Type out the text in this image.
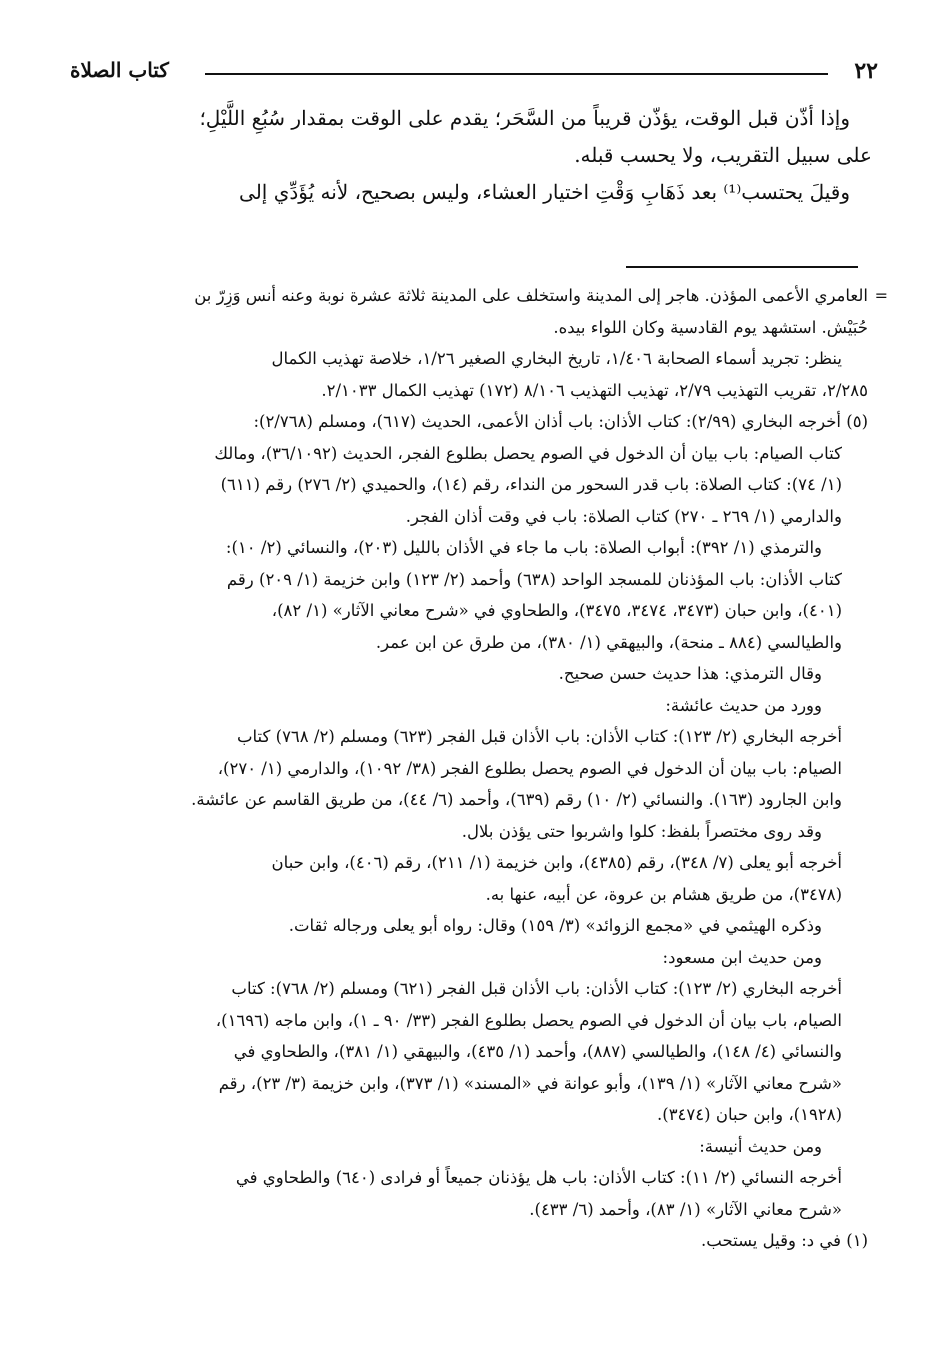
٢٢
كتاب الصلاة

وإذا أذّن قبل الوقت، يؤذّن قريباً من السَّحَر؛ يقدم على الوقت بمقدار سُبُعِ اللَّيْلِ؛

على سبيل التقريب، ولا يحسب قبله.

وقيلَ يحتسب⁽¹⁾ بعد ذَهَابِ وَقْتِ اختيار العشاء، وليس بصحيح، لأنه يُؤَدِّي إلى

=

العامري الأعمى المؤذن. هاجر إلى المدينة واستخلف على المدينة ثلاثة عشرة نوبة وعنه أنس وَزِرّ بن

حُبَيْش. استشهد يوم القادسية وكان اللواء بيده.

ينظر: تجريد أسماء الصحابة ١/٤٠٦، تاريخ البخاري الصغير ١/٢٦، خلاصة تهذيب الكمال

٢/٢٨٥، تقريب التهذيب ٢/٧٩، تهذيب التهذيب ٨/١٠٦ (١٧٢) تهذيب الكمال ٢/١٠٣٣.

(٥) أخرجه البخاري (٢/٩٩): كتاب الأذان: باب أذان الأعمى، الحديث (٦١٧)، ومسلم (٢/٧٦٨):

كتاب الصيام: باب بيان أن الدخول في الصوم يحصل بطلوع الفجر، الحديث (٣٦/١٠٩٢)، ومالك

(١/ ٧٤): كتاب الصلاة: باب قدر السحور من النداء، رقم (١٤)، والحميدي (٢/ ٢٧٦) رقم (٦١١)

والدارمي (١/ ٢٦٩ ـ ٢٧٠) كتاب الصلاة: باب في وقت أذان الفجر.

والترمذي (١/ ٣٩٢): أبواب الصلاة: باب ما جاء في الأذان بالليل (٢٠٣)، والنسائي (٢/ ١٠):

كتاب الأذان: باب المؤذنان للمسجد الواحد (٦٣٨) وأحمد (٢/ ١٢٣) وابن خزيمة (١/ ٢٠٩) رقم

(٤٠١)، وابن حبان (٣٤٧٣، ٣٤٧٤، ٣٤٧٥)، والطحاوي في «شرح معاني الآثار» (١/ ٨٢)،

والطيالسي (٨٨٤ ـ منحة)، والبيهقي (١/ ٣٨٠)، من طرق عن ابن عمر.

وقال الترمذي: هذا حديث حسن صحيح.

وورد من حديث عائشة:

أخرجه البخاري (٢/ ١٢٣): كتاب الأذان: باب الأذان قبل الفجر (٦٢٣) ومسلم (٢/ ٧٦٨) كتاب

الصيام: باب بيان أن الدخول في الصوم يحصل بطلوع الفجر (٣٨/ ١٠٩٢)، والدارمي (١/ ٢٧٠)،

وابن الجارود (١٦٣). والنسائي (٢/ ١٠) رقم (٦٣٩)، وأحمد (٦/ ٤٤)، من طريق القاسم عن عائشة.

وقد روى مختصراً بلفظ: كلوا واشربوا حتى يؤذن بلال.

أخرجه أبو يعلى (٧/ ٣٤٨)، رقم (٤٣٨٥)، وابن خزيمة (١/ ٢١١)، رقم (٤٠٦)، وابن حبان

(٣٤٧٨)، من طريق هشام بن عروة، عن أبيه، عنها به.

وذكره الهيثمي في «مجمع الزوائد» (٣/ ١٥٩) وقال: رواه أبو يعلى ورجاله ثقات.

ومن حديث ابن مسعود:

أخرجه البخاري (٢/ ١٢٣): كتاب الأذان: باب الأذان قبل الفجر (٦٢١) ومسلم (٢/ ٧٦٨): كتاب

الصيام، باب بيان أن الدخول في الصوم يحصل بطلوع الفجر (٣٣/ ٩٠ ـ ١)، وابن ماجه (١٦٩٦)،

والنسائي (٤/ ١٤٨)، والطيالسي (٨٨٧)، وأحمد (١/ ٤٣٥)، والبيهقي (١/ ٣٨١)، والطحاوي في

«شرح معاني الآثار» (١/ ١٣٩)، وأبو عوانة في «المسند» (١/ ٣٧٣)، وابن خزيمة (٣/ ٢٣)، رقم

(١٩٢٨)، وابن حبان (٣٤٧٤).

ومن حديث أنيسة:

أخرجه النسائي (٢/ ١١): كتاب الأذان: باب هل يؤذنان جميعاً أو فرادى (٦٤٠) والطحاوي في

«شرح معاني الآثار» (١/ ٨٣)، وأحمد (٦/ ٤٣٣).

(١) في د: وقيل يستحب.
